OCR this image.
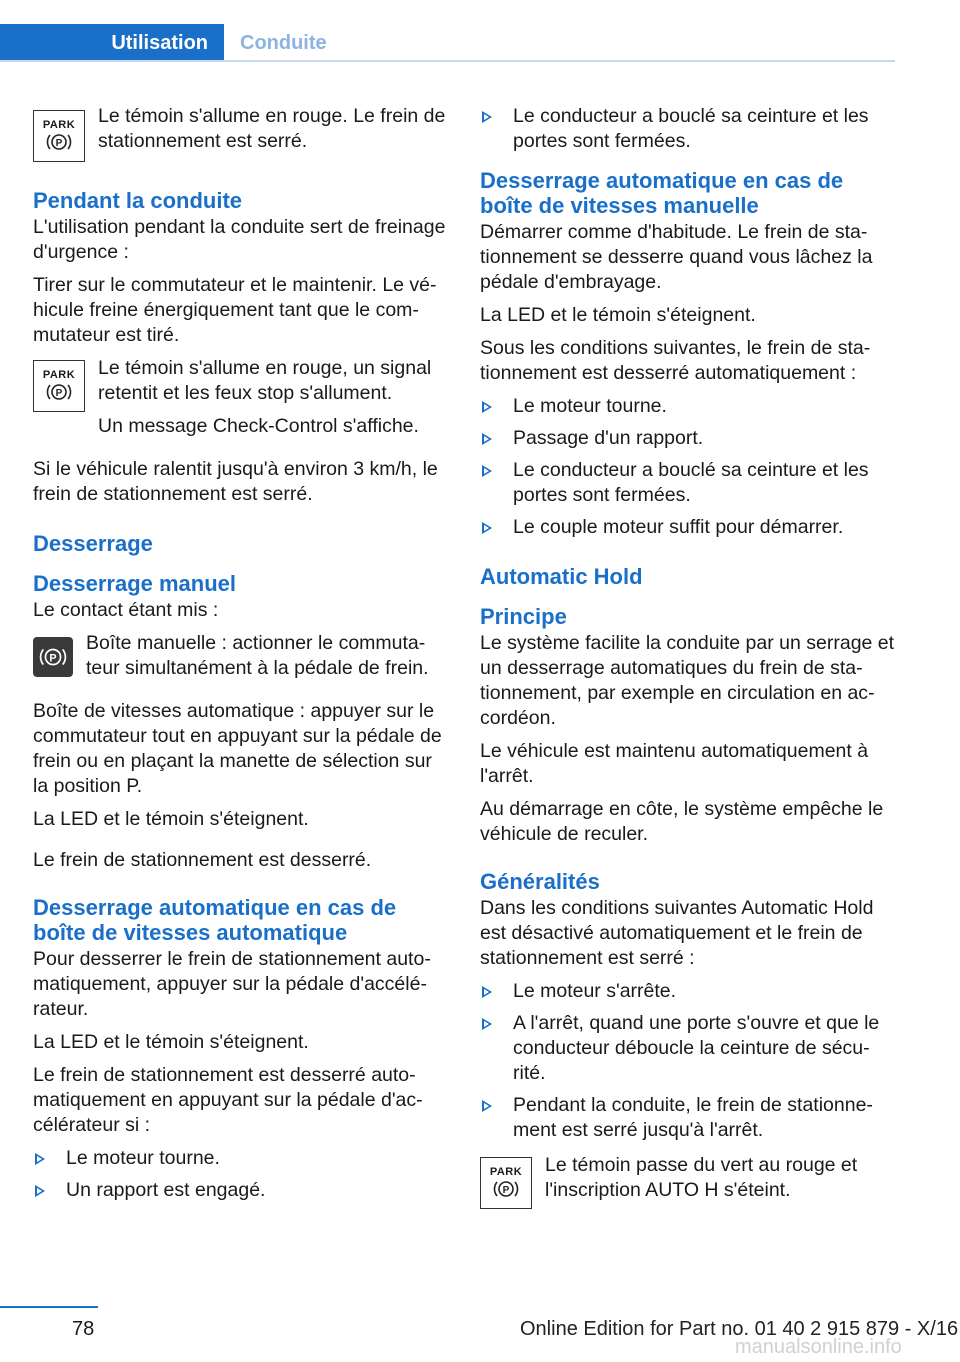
Utilisation Conduite
PARK
P

Le témoin s'allume en rouge. Le frein de stationnement est serré.

Pendant la conduite

L'utilisation pendant la conduite sert de freinage d'urgence :

Tirer sur le commutateur et le maintenir. Le véhicule freine énergiquement tant que le commutateur est tiré.

PARK
P

Le témoin s'allume en rouge, un signal retentit et les feux stop s'allument.

Un message Check-Control s'affiche.

Si le véhicule ralentit jusqu'à environ 3 km/h, le frein de stationnement est serré.

Desserrage
Desserrage manuel

Le contact étant mis :

P

Boîte manuelle : actionner le commutateur simultanément à la pédale de frein.

Boîte de vitesses automatique : appuyer sur le commutateur tout en appuyant sur la pédale de frein ou en plaçant la manette de sélection sur la position P.

La LED et le témoin s'éteignent.

Le frein de stationnement est desserré.

Desserrage automatique en cas de boîte de vitesses automatique

Pour desserrer le frein de stationnement automatiquement, appuyer sur la pédale d'accélérateur.

La LED et le témoin s'éteignent.

Le frein de stationnement est desserré automatiquement en appuyant sur la pédale d'accélérateur si :

Le moteur tourne.
Un rapport est engagé.
Le conducteur a bouclé sa ceinture et les portes sont fermées.
Desserrage automatique en cas de boîte de vitesses manuelle

Démarrer comme d'habitude. Le frein de stationnement se desserre quand vous lâchez la pédale d'embrayage.

La LED et le témoin s'éteignent.

Sous les conditions suivantes, le frein de stationnement est desserré automatiquement :

Le moteur tourne.
Passage d'un rapport.
Le conducteur a bouclé sa ceinture et les portes sont fermées.
Le couple moteur suffit pour démarrer.
Automatic Hold
Principe

Le système facilite la conduite par un serrage et un desserrage automatiques du frein de stationnement, par exemple en circulation en accordéon.

Le véhicule est maintenu automatiquement à l'arrêt.

Au démarrage en côte, le système empêche le véhicule de reculer.

Généralités

Dans les conditions suivantes Automatic Hold est désactivé automatiquement et le frein de stationnement est serré :

Le moteur s'arrête.
A l'arrêt, quand une porte s'ouvre et que le conducteur déboucle la ceinture de sécurité.
Pendant la conduite, le frein de stationnement est serré jusqu'à l'arrêt.
PARK
P

Le témoin passe du vert au rouge et l'inscription AUTO H s'éteint.

78	Online Edition for Part no. 01 40 2 915 879 - X/16
manualsonline.info
